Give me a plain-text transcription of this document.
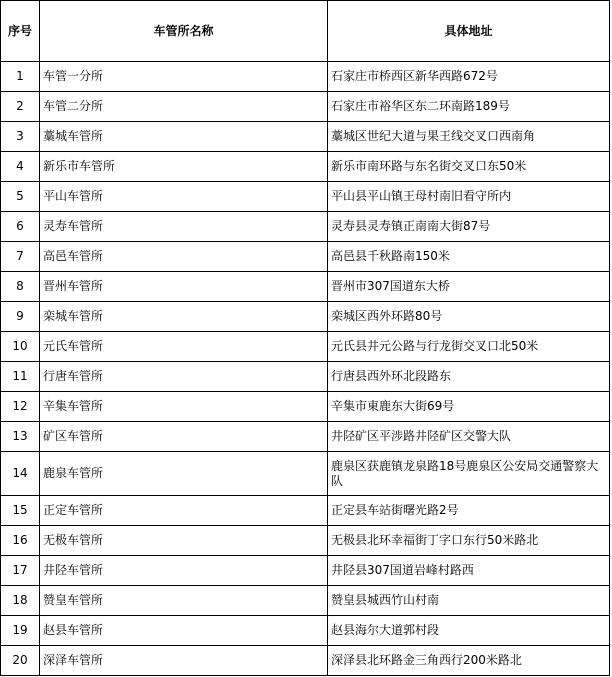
序号	车管所名称	具体地址
1	车管一分所	石家庄市桥西区新华西路672号
2	车管二分所	石家庄市裕华区东二环南路189号
3	藁城车管所	藁城区世纪大道与果王线交叉口西南角
4	新乐市车管所	新乐市南环路与东名街交叉口东50米
5	平山车管所	平山县平山镇王母村南旧看守所内
6	灵寿车管所	灵寿县灵寿镇正南南大街87号
7	高邑车管所	高邑县千秋路南150米
8	晋州车管所	晋州市307国道东大桥
9	栾城车管所	栾城区西外环路80号
10	元氏车管所	元氏县井元公路与行龙街交叉口北50米
11	行唐车管所	行唐县西外环北段路东
12	辛集车管所	辛集市東鹿东大街69号
13	矿区车管所	井陉矿区平涉路井陉矿区交警大队
14	鹿泉车管所	鹿泉区获鹿镇龙泉路18号鹿泉区公安局交通警察大队
15	正定车管所	正定县车站街曙光路2号
16	无极车管所	无极县北环幸福街丁字口东行50米路北
17	井陉车管所	井陉县307国道岩峰村路西
18	赞皇车管所	赞皇县城西竹山村南
19	赵县车管所	赵县海尔大道郭村段
20	深泽车管所	深泽县北环路金三角西行200米路北
